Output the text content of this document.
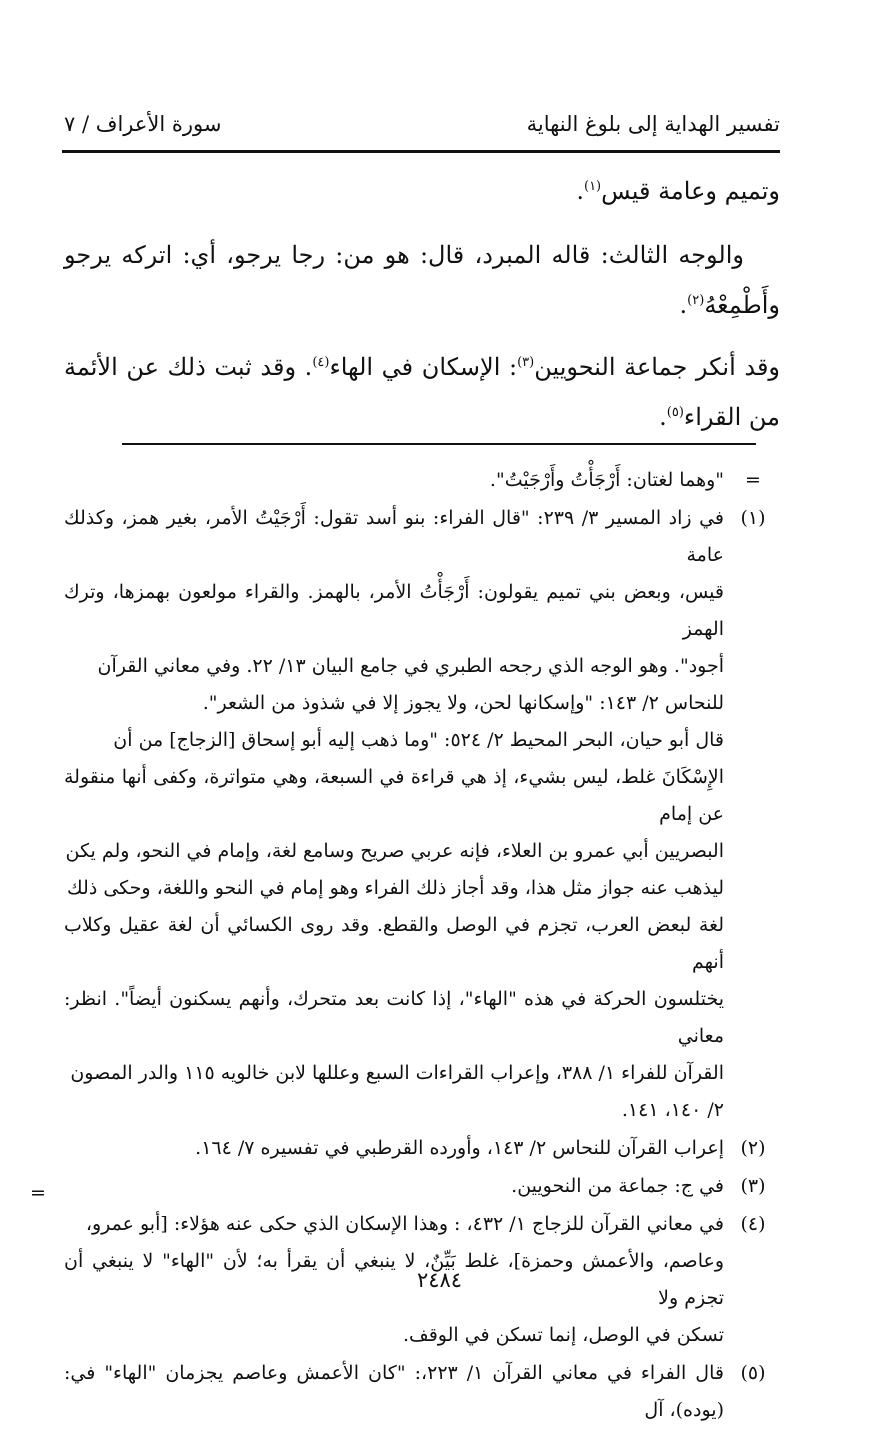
تفسير الهداية إلى بلوغ النهاية
سورة الأعراف / ٧

وتميم وعامة قيس$^{(١)}$.

والوجه الثالث: قاله المبرد، قال: هو من: رجا يرجو، أي: اتركه يرجو وأَطْمِعْهُ$^{(٢)}$.

وقد أنكر جماعة النحويين$^{(٣)}$: الإسكان في الهاء$^{(٤)}$. وقد ثبت ذلك عن الأئمة من القراء$^{(٥)}$.

=
"وهما لغتان: أَرْجَأْتُ وأَرْجَيْتُ".
(١)
في زاد المسير ٣/ ٢٣٩: "قال الفراء: بنو أسد تقول: أَرْجَيْتُ الأمر، بغير همز، وكذلك عامة
قيس، وبعض بني تميم يقولون: أَرْجَأْتُ الأمر، بالهمز. والقراء مولعون بهمزها، وترك الهمز
أجود". وهو الوجه الذي رجحه الطبري في جامع البيان ١٣/ ٢٢. وفي معاني القرآن
للنحاس ٢/ ١٤٣: "وإسكانها لحن، ولا يجوز إلا في شذوذ من الشعر".
قال أبو حيان، البحر المحيط ٢/ ٥٢٤: "وما ذهب إليه أبو إسحاق [الزجاج] من أن
الإِسْكَانَ غلط، ليس بشيء، إذ هي قراءة في السبعة، وهي متواترة، وكفى أنها منقولة عن إمام
البصريين أبي عمرو بن العلاء، فإنه عربي صريح وسامع لغة، وإمام في النحو، ولم يكن
ليذهب عنه جواز مثل هذا، وقد أجاز ذلك الفراء وهو إمام في النحو واللغة، وحكى ذلك
لغة لبعض العرب، تجزم في الوصل والقطع. وقد روى الكسائي أن لغة عقيل وكلاب أنهم
يختلسون الحركة في هذه "الهاء"، إذا كانت بعد متحرك، وأنهم يسكنون أيضاً". انظر: معاني
القرآن للفراء ١/ ٣٨٨، وإعراب القراءات السبع وعللها لابن خالويه ١١٥ والدر المصون
٢/ ١٤٠، ١٤١.
(٢)
إعراب القرآن للنحاس ٢/ ١٤٣، وأورده القرطبي في تفسيره ٧/ ١٦٤.
(٣)
في ج: جماعة من النحويين.
(٤)
في معاني القرآن للزجاج ١/ ٤٣٢، : وهذا الإسكان الذي حكى عنه هؤلاء: [أبو عمرو،
وعاصم، والأعمش وحمزة]، غلط بَيِّنٌ، لا ينبغي أن يقرأ به؛ لأن "الهاء" لا ينبغي أن تجزم ولا
تسكن في الوصل، إنما تسكن في الوقف.
(٥)
قال الفراء في معاني القرآن ١/ ٢٢٣،: "كان الأعمش وعاصم يجزمان "الهاء" في: (يوده)، آل
=
٢٤٨٤
